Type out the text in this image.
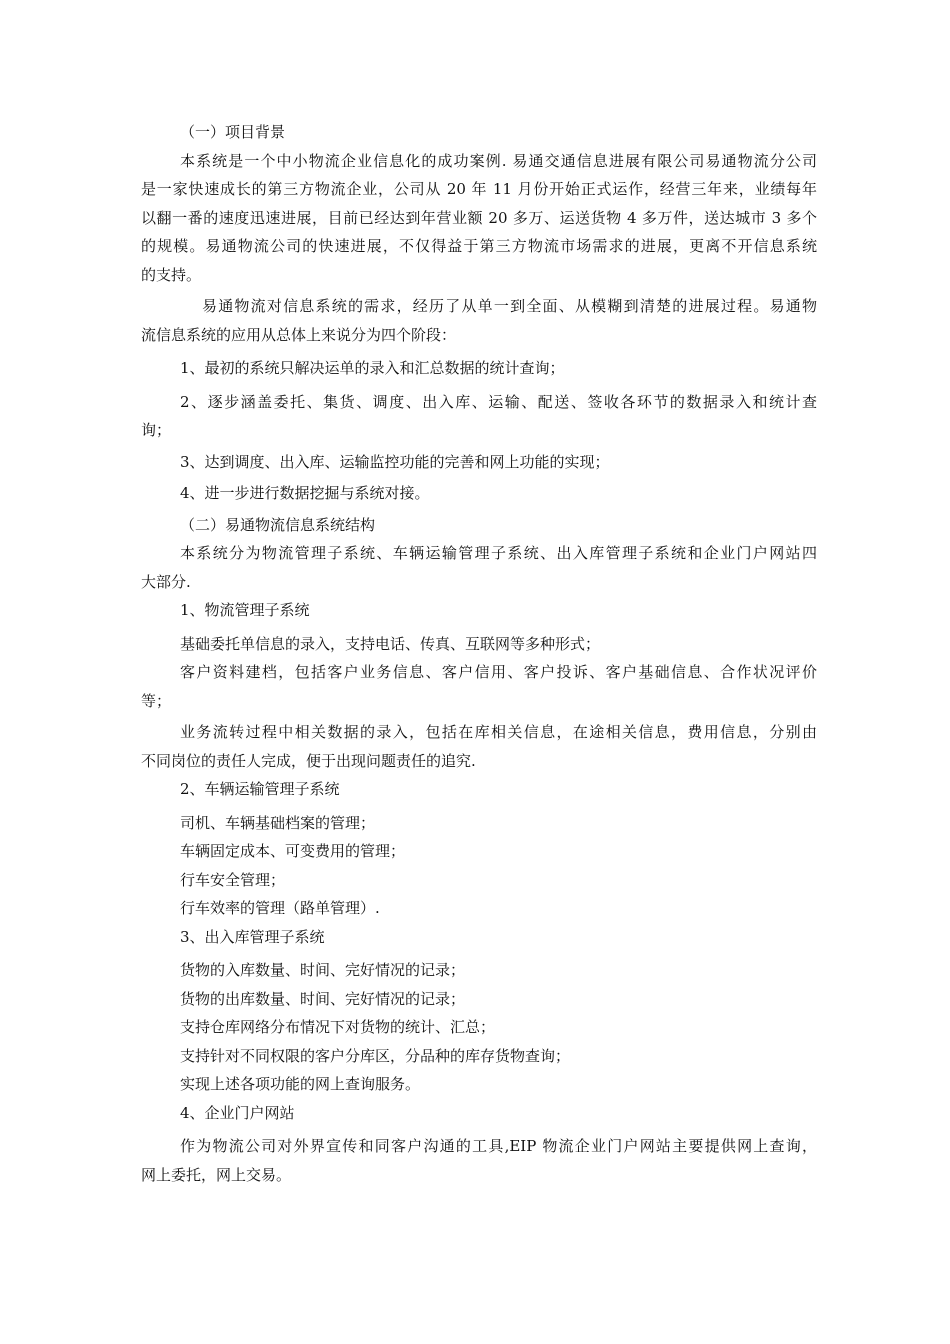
（一）项目背景
本系统是一个中小物流企业信息化的成功案例. 易通交通信息进展有限公司易通物流分公司
是一家快速成长的第三方物流企业，公司从 20 年 11 月份开始正式运作，经营三年来，业绩每年
以翻一番的速度迅速进展，目前已经达到年营业额 20 多万、运送货物 4 多万件，送达城市 3 多个
的规模。易通物流公司的快速进展，不仅得益于第三方物流市场需求的进展，更离不开信息系统
的支持。
易通物流对信息系统的需求，经历了从单一到全面、从模糊到清楚的进展过程。易通物
流信息系统的应用从总体上来说分为四个阶段：
1、最初的系统只解决运单的录入和汇总数据的统计查询；
2、逐步涵盖委托、集货、调度、出入库、运输、配送、签收各环节的数据录入和统计查
询；
3、达到调度、出入库、运输监控功能的完善和网上功能的实现；
4、进一步进行数据挖掘与系统对接。
（二）易通物流信息系统结构
本系统分为物流管理子系统、车辆运输管理子系统、出入库管理子系统和企业门户网站四
大部分.
1、物流管理子系统
基础委托单信息的录入，支持电话、传真、互联网等多种形式；
客户资料建档，包括客户业务信息、客户信用、客户投诉、客户基础信息、合作状况评价
等；
业务流转过程中相关数据的录入，包括在库相关信息，在途相关信息，费用信息，分别由
不同岗位的责任人完成，便于出现问题责任的追究.
2、车辆运输管理子系统
司机、车辆基础档案的管理；
车辆固定成本、可变费用的管理；
行车安全管理；
行车效率的管理（路单管理）.
3、出入库管理子系统
货物的入库数量、时间、完好情况的记录；
货物的出库数量、时间、完好情况的记录；
支持仓库网络分布情况下对货物的统计、汇总；
支持针对不同权限的客户分库区，分品种的库存货物查询；
实现上述各项功能的网上查询服务。
4、企业门户网站
作为物流公司对外界宣传和同客户沟通的工具,EIP 物流企业门户网站主要提供网上查询，
网上委托，网上交易。
